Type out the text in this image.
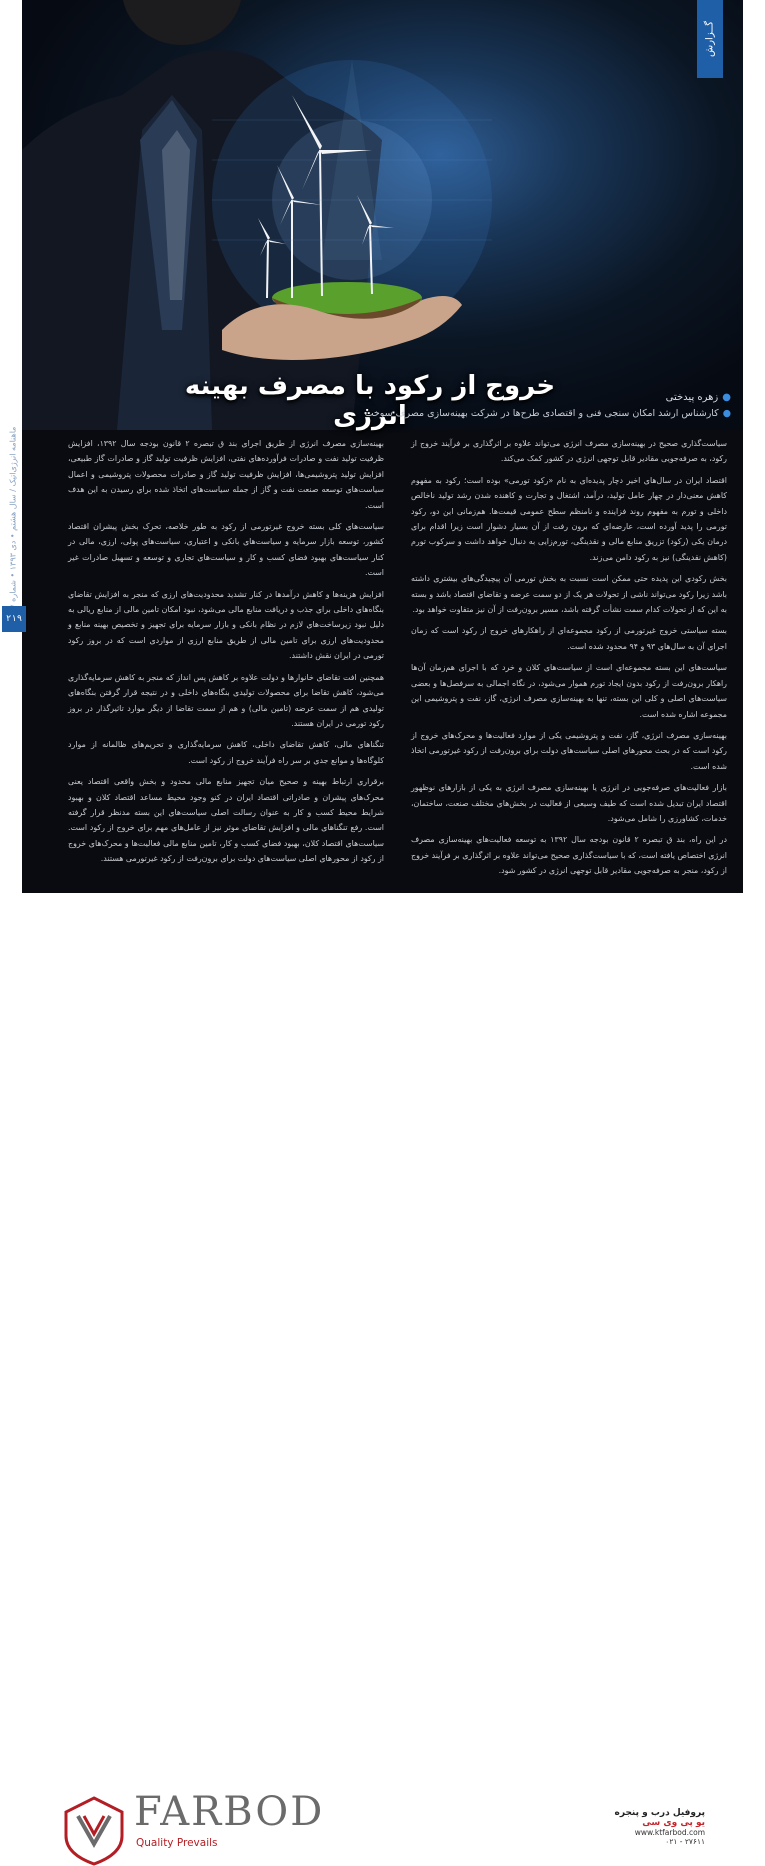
گــزارش
خروج از رکود با مصرف بهینه انرژی
●زهره پیدختی
●کارشناس ارشد امکان سنجی فنی و اقتصادی طرح‌ها در شرکت بهینه‌سازی مصرف سوخت
ماهنامه انرژی‌اتیک / سال هشتم • دی ۱۳۹۳ • شماره
۲۱۹

سیاست‌گذاری صحیح در بهینه‌سازی مصرف انرژی می‌تواند علاوه بر اثرگذاری بر فرآیند خروج از رکود، به صرفه‌جویی مقادیر قابل توجهی انرژی در کشور کمک می‌کند.

اقتصاد ایران در سال‌های اخیر دچار پدیده‌ای به نام «رکود تورمی» بوده است؛ رکود به مفهوم کاهش معنی‌دار در چهار عامل تولید، درآمد، اشتغال و تجارت و کاهنده شدن رشد تولید ناخالص داخلی و تورم به مفهوم روند فزاینده و نامنظم سطح عمومی قیمت‌ها. هم‌زمانی این دو، رکود تورمی را پدید آورده است، عارضه‌ای که برون رفت از آن بسیار دشوار است زیرا اقدام برای درمان یکی (رکود) تزریق منابع مالی و نقدینگی، تورم‌زایی به دنبال خواهد داشت و سرکوب تورم (کاهش نقدینگی) نیز به رکود دامن می‌زند.

بخش رکودی این پدیده حتی ممکن است نسبت به بخش تورمی آن پیچیدگی‌های بیشتری داشته باشد زیرا رکود می‌تواند ناشی از تحولات هر یک از دو سمت عرضه و تقاضای اقتصاد باشد و بسته به این که از تحولات کدام سمت نشأت گرفته باشد، مسیر برون‌رفت از آن نیز متفاوت خواهد بود.

بسته سیاستی خروج غیرتورمی از رکود مجموعه‌ای از راهکارهای خروج از رکود است که زمان اجرای آن به سال‌های ۹۳ و ۹۴ محدود شده است.

سیاست‌های این بسته مجموعه‌ای است از سیاست‌های کلان و خرد که با اجرای هم‌زمان آن‌ها راهکار برون‌رفت از رکود بدون ایجاد تورم هموار می‌شود، در نگاه اجمالی به سرفصل‌ها و بعضی سیاست‌های اصلی و کلی این بسته، تنها به بهینه‌سازی مصرف انرژی، گاز، نفت و پتروشیمی این مجموعه اشاره شده است.

بهینه‌سازی مصرف انرژی، گاز، نفت و پتروشیمی یکی از موارد فعالیت‌ها و محرک‌های خروج از رکود است که در بحث محورهای اصلی سیاست‌های دولت برای برون‌رفت از رکود غیرتورمی اتخاذ شده است.

بازار فعالیت‌های صرفه‌جویی در انرژی یا بهینه‌سازی مصرف انرژی به یکی از بازارهای نوظهور اقتصاد ایران تبدیل شده است که طیف وسیعی از فعالیت در بخش‌های مختلف صنعت، ساختمان، خدمات، کشاورزی را شامل می‌شود.

در این راه، بند ق تبصره ۲ قانون بودجه سال ۱۳۹۲ به توسعه فعالیت‌های بهینه‌سازی مصرف انرژی اختصاص یافته است، که با سیاست‌گذاری صحیح می‌تواند علاوه بر اثرگذاری بر فرآیند خروج از رکود، منجر به صرفه‌جویی مقادیر قابل توجهی انرژی در کشور شود.

بهینه‌سازی مصرف انرژی از طریق اجرای بند ق تبصره ۲ قانون بودجه سال ۱۳۹۲، افزایش ظرفیت تولید نفت و صادرات فرآورده‌های نفتی، افزایش ظرفیت تولید گاز و صادرات گاز طبیعی، افزایش تولید پتروشیمی‌ها، افزایش ظرفیت تولید گاز و صادرات محصولات پتروشیمی و اعمال سیاست‌های توسعه صنعت نفت و گاز از جمله سیاست‌های اتخاذ شده برای رسیدن به این هدف است.

سیاست‌های کلی بسته خروج غیرتورمی از رکود به طور خلاصه، تحرک بخش پیشران اقتصاد کشور، توسعه بازار سرمایه و سیاست‌های بانکی و اعتباری، سیاست‌های پولی، ارزی، مالی در کنار سیاست‌های بهبود فضای کسب و کار و سیاست‌های تجاری و توسعه و تسهیل صادرات غیر است.

افزایش هزینه‌ها و کاهش درآمدها در کنار تشدید محدودیت‌های ارزی که منجر به افزایش تقاضای بنگاه‌های داخلی برای جذب و دریافت منابع مالی می‌شود، نبود امکان تامین مالی از منابع ریالی به دلیل نبود زیرساخت‌های لازم در نظام بانکی و بازار سرمایه برای تجهیز و تخصیص بهینه منابع و محدودیت‌های ارزی برای تامین مالی از طریق منابع ارزی از مواردی است که در بروز رکود تورمی در ایران نقش داشتند.

همچنین افت تقاضای خانوارها و دولت علاوه بر کاهش پس انداز که منجر به کاهش سرمایه‌گذاری می‌شود، کاهش تقاضا برای محصولات تولیدی بنگاه‌های داخلی و در نتیجه قرار گرفتن بنگاه‌های تولیدی هم از سمت عرضه (تامین مالی) و هم از سمت تقاضا از دیگر موارد تاثیرگذار در بروز رکود تورمی در ایران هستند.

تنگناهای مالی، کاهش تقاضای داخلی، کاهش سرمایه‌گذاری و تحریم‌های ظالمانه از موارد کلوگاه‌ها و موانع جدی بر سر راه فرآیند خروج از رکود است.

برقراری ارتباط بهینه و صحیح میان تجهیز منابع مالی محدود و بخش واقعی اقتصاد یعنی محرک‌های پیشران و صادراتی اقتصاد ایران در کنو وجود محیط مساعد اقتصاد کلان و بهبود شرایط محیط کسب و کار به عنوان رسالت اصلی سیاست‌های این بسته مدنظر قرار گرفته است. رفع تنگناهای مالی و افزایش تقاضای موثر نیز از عامل‌های مهم برای خروج از رکود است. سیاست‌های اقتصاد کلان، بهبود فضای کسب و کار، تامین منابع مالی فعالیت‌ها و محرک‌های خروج از رکود از محورهای اصلی سیاست‌های دولت برای برون‌رفت از رکود غیرتورمی هستند.

FARBOD
Quality Prevails
پروفیل درب و پنجره
یو پی وی سی
www.ktfarbod.com
۰۲۱ - ۲۷۶۱۱
